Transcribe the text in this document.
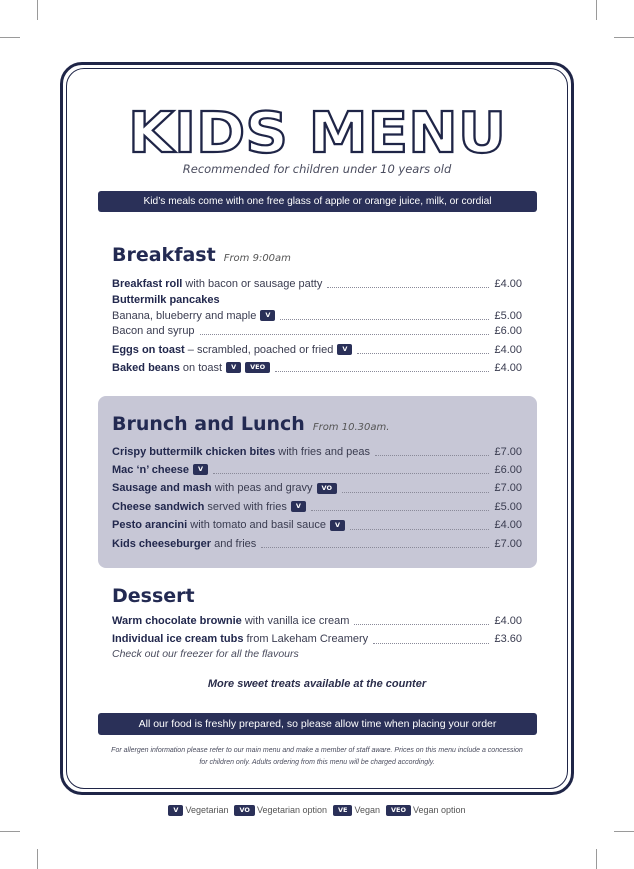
KIDS MENU
Recommended for children under 10 years old
Kid’s meals come with one free glass of apple or orange juice, milk, or cordial
Breakfast From 9:00am
Breakfast roll with bacon or sausage patty	£4.00
Banana, blueberry and maple	V	£5.00
Bacon and syrup	£6.00
Eggs on toast – scrambled, poached or fried	V	£4.00
Baked beans on toast	V	VEO	£4.00
Buttermilk pancakes
Brunch and Lunch From 10.30am.
Crispy buttermilk chicken bites with fries and peas	£7.00
Mac ‘n’ cheese	V	£6.00
Sausage and mash with peas and gravy	VO	£7.00
Cheese sandwich served with fries	V	£5.00
Pesto arancini with tomato and basil sauce	V	£4.00
Kids cheeseburger and fries	£7.00
Dessert
Warm chocolate brownie with vanilla ice cream	£4.00
Individual ice cream tubs from Lakeham Creamery	£3.60
Check out our freezer for all the flavours
More sweet treats available at the counter
All our food is freshly prepared, so please allow time when placing your order
For allergen information please refer to our main menu and make a member of staff aware. Prices on this menu include a concession for children only. Adults ordering from this menu will be charged accordingly.
V Vegetarian VO Vegetarian option VE Vegan VEO Vegan option
